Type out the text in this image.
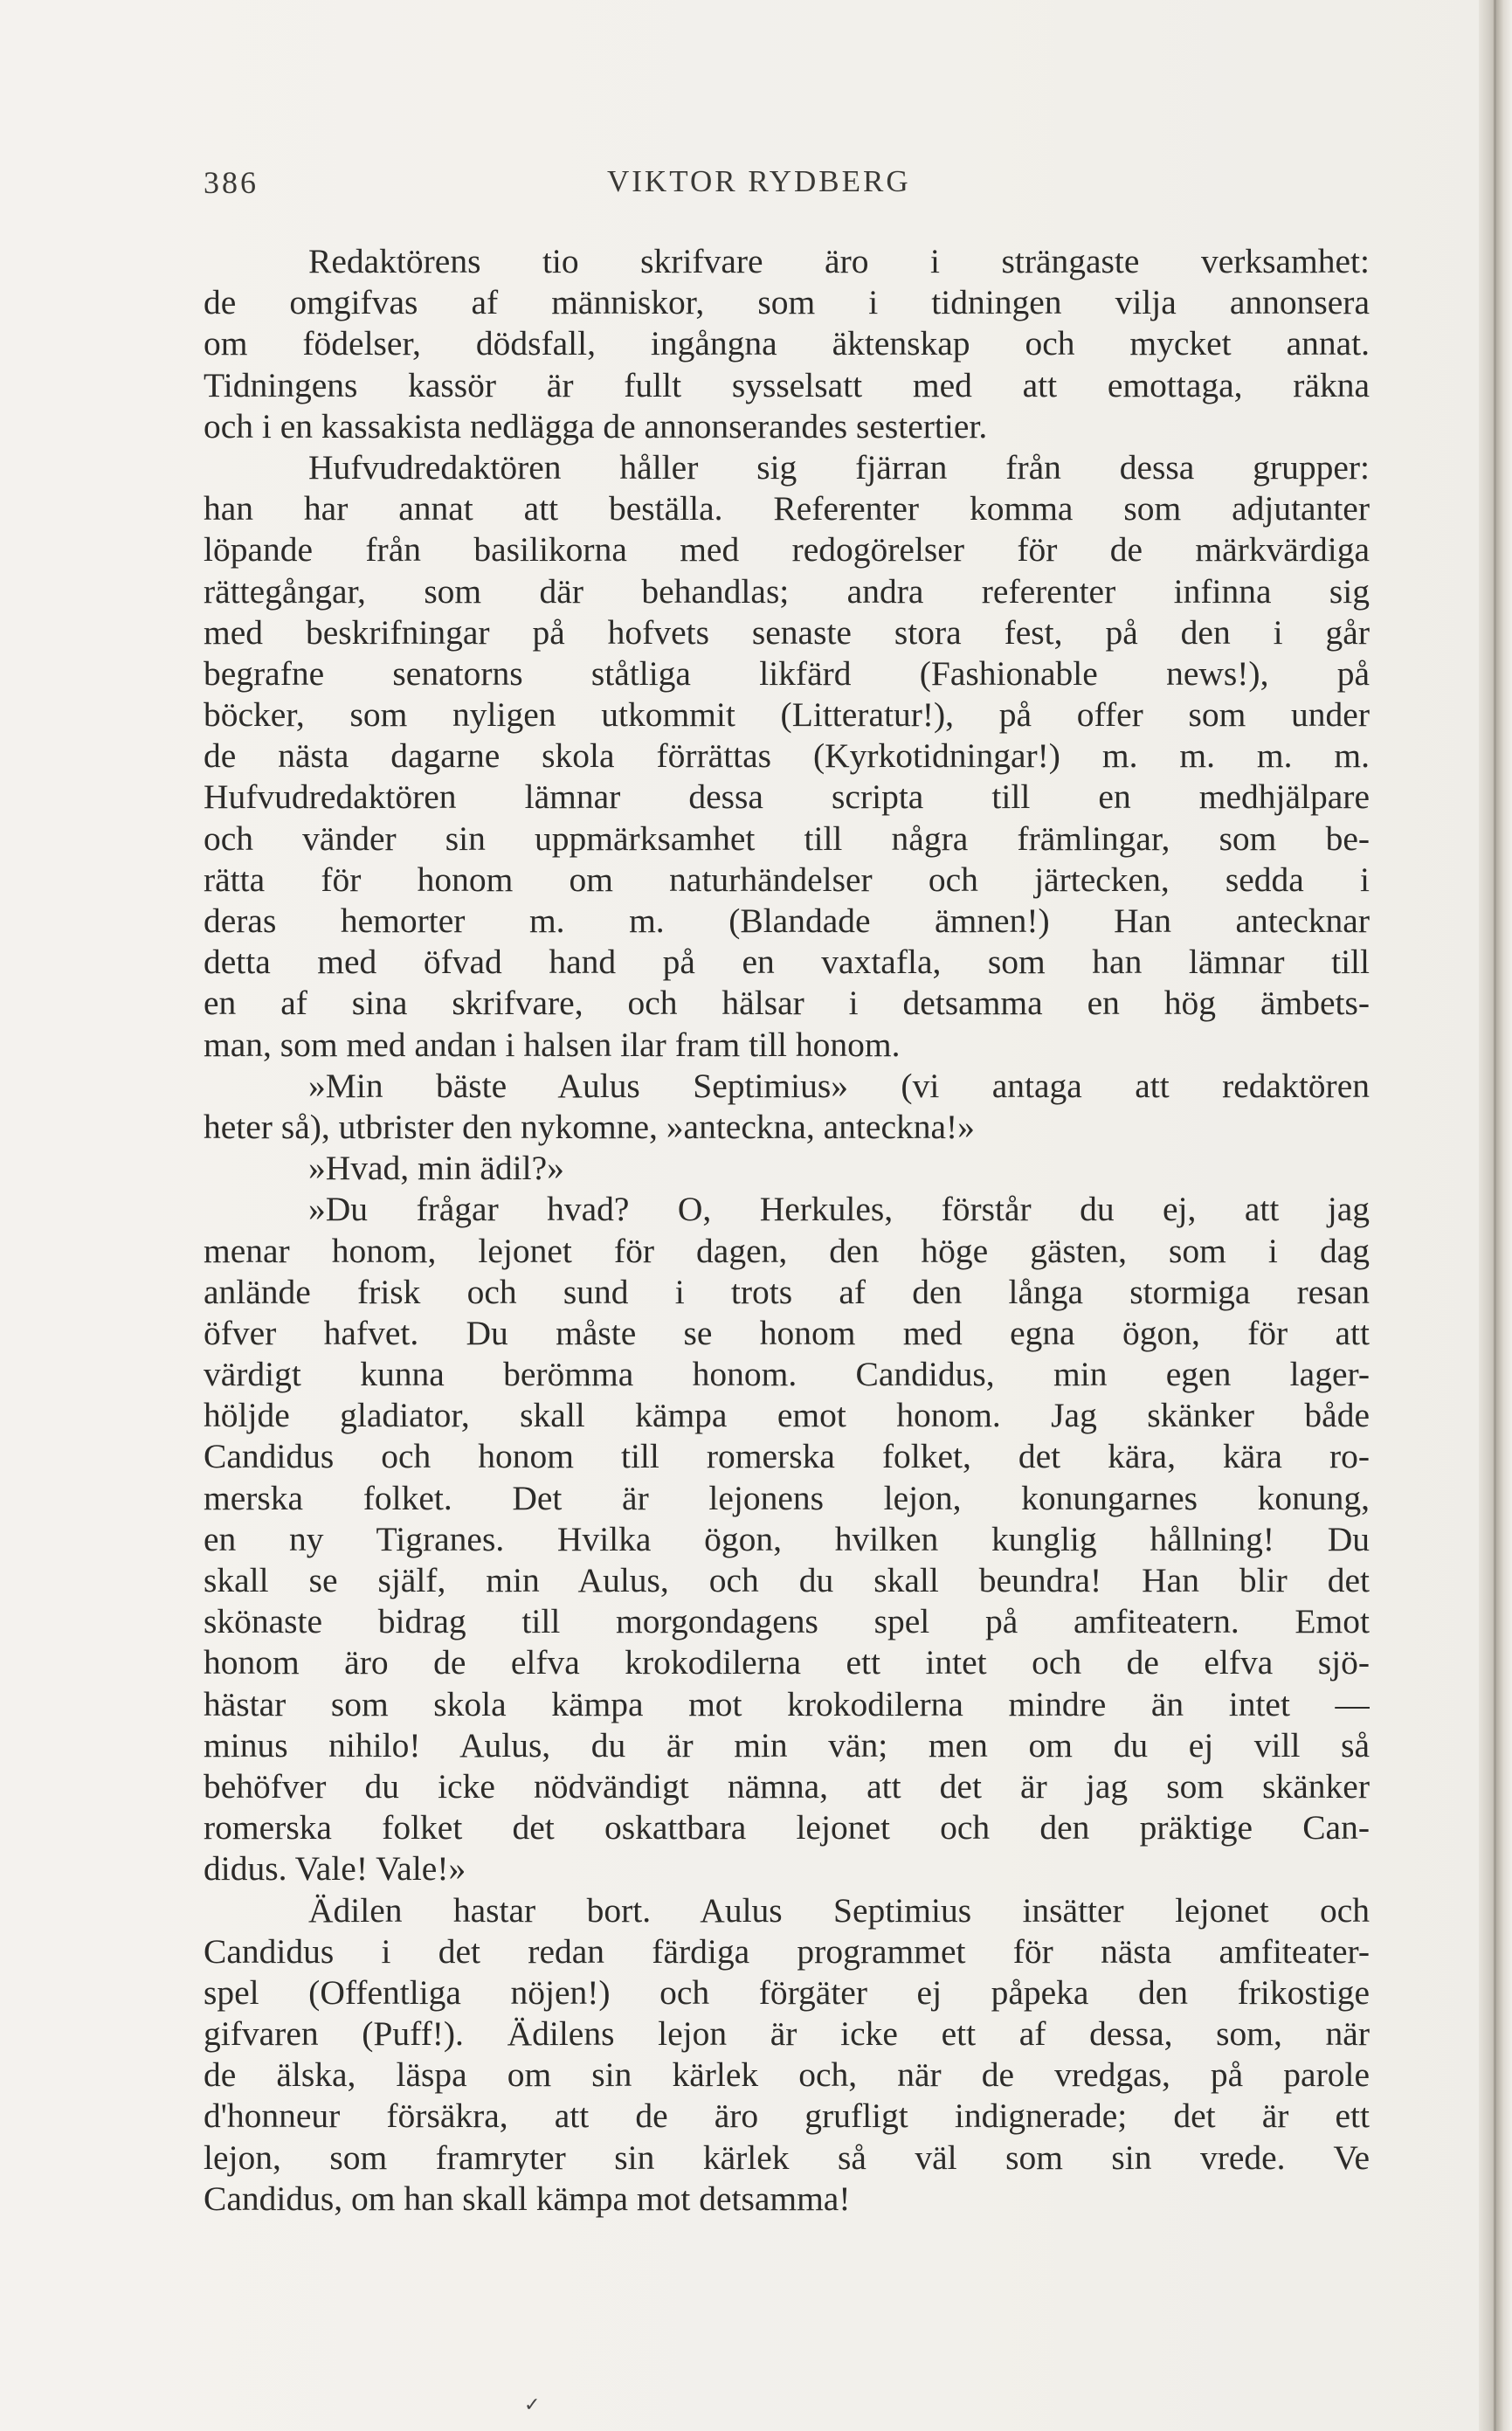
386	VIKTOR RYDBERG
Redaktörens tio skrifvare äro i strängaste verksamhet:
de omgifvas af människor, som i tidningen vilja annonsera
om födelser, dödsfall, ingångna äktenskap och mycket annat.
Tidningens kassör är fullt sysselsatt med att emottaga, räkna
och i en kassakista nedlägga de annonserandes sestertier.
Hufvudredaktören håller sig fjärran från dessa grupper:
han har annat att beställa. Referenter komma som adjutanter
löpande från basilikorna med redogörelser för de märkvärdiga
rättegångar, som där behandlas; andra referenter infinna sig
med beskrifningar på hofvets senaste stora fest, på den i går
begrafne senatorns ståtliga likfärd (Fashionable news!), på
böcker, som nyligen utkommit (Litteratur!), på offer som under
de nästa dagarne skola förrättas (Kyrkotidningar!) m. m. m. m.
Hufvudredaktören lämnar dessa scripta till en medhjälpare
och vänder sin uppmärksamhet till några främlingar, som be-
rätta för honom om naturhändelser och järtecken, sedda i
deras hemorter m. m. (Blandade ämnen!) Han antecknar
detta med öfvad hand på en vaxtafla, som han lämnar till
en af sina skrifvare, och hälsar i detsamma en hög ämbets-
man, som med andan i halsen ilar fram till honom.
»Min bäste Aulus Septimius» (vi antaga att redaktören
heter så), utbrister den nykomne, »anteckna, anteckna!»
»Hvad, min ädil?»
»Du frågar hvad? O, Herkules, förstår du ej, att jag
menar honom, lejonet för dagen, den höge gästen, som i dag
anlände frisk och sund i trots af den långa stormiga resan
öfver hafvet. Du måste se honom med egna ögon, för att
värdigt kunna berömma honom. Candidus, min egen lager-
höljde gladiator, skall kämpa emot honom. Jag skänker både
Candidus och honom till romerska folket, det kära, kära ro-
merska folket. Det är lejonens lejon, konungarnes konung,
en ny Tigranes. Hvilka ögon, hvilken kunglig hållning! Du
skall se själf, min Aulus, och du skall beundra! Han blir det
skönaste bidrag till morgondagens spel på amfiteatern. Emot
honom äro de elfva krokodilerna ett intet och de elfva sjö-
hästar som skola kämpa mot krokodilerna mindre än intet —
minus nihilo! Aulus, du är min vän; men om du ej vill så
behöfver du icke nödvändigt nämna, att det är jag som skänker
romerska folket det oskattbara lejonet och den präktige Can-
didus. Vale! Vale!»
Ädilen hastar bort. Aulus Septimius insätter lejonet och
Candidus i det redan färdiga programmet för nästa amfiteater-
spel (Offentliga nöjen!) och förgäter ej påpeka den frikostige
gifvaren (Puff!). Ädilens lejon är icke ett af dessa, som, när
de älska, läspa om sin kärlek och, när de vredgas, på parole
d'honneur försäkra, att de äro grufligt indignerade; det är ett
lejon, som framryter sin kärlek så väl som sin vrede. Ve
Candidus, om han skall kämpa mot detsamma!
✓
